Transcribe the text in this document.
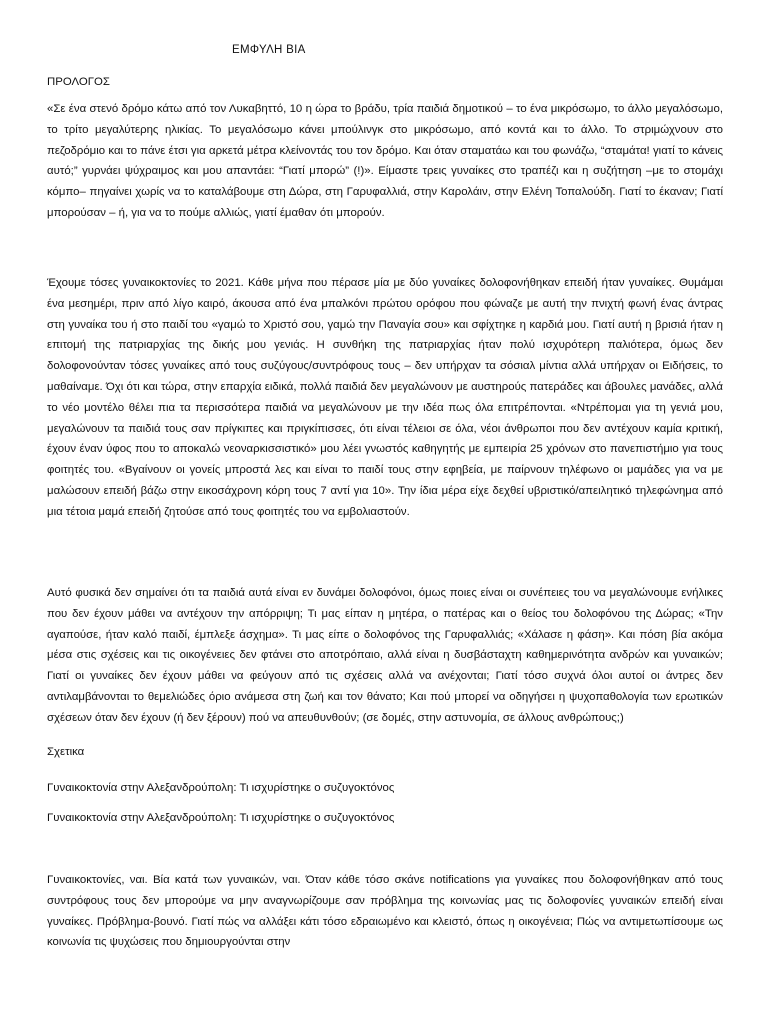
ΕΜΦΥΛΗ ΒΙΑ

ΠΡΟΛΟΓΟΣ

«Σε ένα στενό δρόμο κάτω από τον Λυκαβηττό, 10 η ώρα το βράδυ, τρία παιδιά δημοτικού – το ένα μικρόσωμο, το άλλο μεγαλόσωμο, το τρίτο μεγαλύτερης ηλικίας. Το μεγαλόσωμο κάνει μπούλινγκ στο μικρόσωμο, από κοντά και το άλλο. Το στριμώχνουν στο πεζοδρόμιο και το πάνε έτσι για αρκετά μέτρα κλείνοντάς του τον δρόμο. Και όταν σταματάω και του φωνάζω, “σταμάτα! γιατί το κάνεις αυτό;” γυρνάει ψύχραιμος και μου απαντάει: “Γιατί μπορώ” (!)». Είμαστε τρεις γυναίκες στο τραπέζι και η συζήτηση –με το στομάχι κόμπο– πηγαίνει χωρίς να το καταλάβουμε στη Δώρα, στη Γαρυφαλλιά, στην Καρολάιν, στην Ελένη Τοπαλούδη. Γιατί το έκαναν; Γιατί μπορούσαν – ή, για να το πούμε αλλιώς, γιατί έμαθαν ότι μπορούν.

Έχουμε τόσες γυναικοκτονίες το 2021. Κάθε μήνα που πέρασε μία με δύο γυναίκες δολοφονήθηκαν επειδή ήταν γυναίκες. Θυμάμαι ένα μεσημέρι, πριν από λίγο καιρό, άκουσα από ένα μπαλκόνι πρώτου ορόφου που φώναζε με αυτή την πνιχτή φωνή ένας άντρας στη γυναίκα του ή στο παιδί του «γαμώ το Χριστό σου, γαμώ την Παναγία σου» και σφίχτηκε η καρδιά μου. Γιατί αυτή η βρισιά ήταν η επιτομή της πατριαρχίας της δικής μου γενιάς. Η συνθήκη της πατριαρχίας ήταν πολύ ισχυρότερη παλιότερα, όμως δεν δολοφονούνταν τόσες γυναίκες από τους συζύγους/συντρόφους τους – δεν υπήρχαν τα σόσιαλ μίντια αλλά υπήρχαν οι Ειδήσεις, το μαθαίναμε. Όχι ότι και τώρα, στην επαρχία ειδικά, πολλά παιδιά δεν μεγαλώνουν με αυστηρούς πατεράδες και άβουλες μανάδες, αλλά το νέο μοντέλο θέλει πια τα περισσότερα παιδιά να μεγαλώνουν με την ιδέα πως όλα επιτρέπονται. «Ντρέπομαι για τη γενιά μου, μεγαλώνουν τα παιδιά τους σαν πρίγκιπες και πριγκίπισσες, ότι είναι τέλειοι σε όλα, νέοι άνθρωποι που δεν αντέχουν καμία κριτική, έχουν έναν ύφος που το αποκαλώ νεοναρκισσιστικό» μου λέει γνωστός καθηγητής με εμπειρία 25 χρόνων στο πανεπιστήμιο για τους φοιτητές του. «Βγαίνουν οι γονείς μπροστά λες και είναι το παιδί τους στην εφηβεία, με παίρνουν τηλέφωνο οι μαμάδες για να με μαλώσουν επειδή βάζω στην εικοσάχρονη κόρη τους 7 αντί για 10». Την ίδια μέρα είχε δεχθεί υβριστικό/απειλητικό τηλεφώνημα από μια τέτοια μαμά επειδή ζητούσε από τους φοιτητές του να εμβολιαστούν.

Αυτό φυσικά δεν σημαίνει ότι τα παιδιά αυτά είναι εν δυνάμει δολοφόνοι, όμως ποιες είναι οι συνέπειες του να μεγαλώνουμε ενήλικες που δεν έχουν μάθει να αντέχουν την απόρριψη; Τι μας είπαν η μητέρα, ο πατέρας και ο θείος του δολοφόνου της Δώρας; «Την αγαπούσε, ήταν καλό παιδί, έμπλεξε άσχημα». Τι μας είπε ο δολοφόνος της Γαρυφαλλιάς; «Χάλασε η φάση». Και πόση βία ακόμα μέσα στις σχέσεις και τις οικογένειες δεν φτάνει στο αποτρόπαιο, αλλά είναι η δυσβάσταχτη καθημερινότητα ανδρών και γυναικών; Γιατί οι γυναίκες δεν έχουν μάθει να φεύγουν από τις σχέσεις αλλά να ανέχονται; Γιατί τόσο συχνά όλοι αυτοί οι άντρες δεν αντιλαμβάνονται το θεμελιώδες όριο ανάμεσα στη ζωή και τον θάνατο; Και πού μπορεί να οδηγήσει η ψυχοπαθολογία των ερωτικών σχέσεων όταν δεν έχουν (ή δεν ξέρουν) πού να απευθυνθούν; (σε δομές, στην αστυνομία, σε άλλους ανθρώπους;)

Σχετικα

Γυναικοκτονία στην Αλεξανδρούπολη: Τι ισχυρίστηκε ο συζυγοκτόνος

Γυναικοκτονία στην Αλεξανδρούπολη: Τι ισχυρίστηκε ο συζυγοκτόνος

Γυναικοκτονίες, ναι. Βία κατά των γυναικών, ναι. Όταν κάθε τόσο σκάνε notifications για γυναίκες που δολοφονήθηκαν από τους συντρόφους τους δεν μπορούμε να μην αναγνωρίζουμε σαν πρόβλημα της κοινωνίας μας τις δολοφονίες γυναικών επειδή είναι γυναίκες. Πρόβλημα-βουνό. Γιατί πώς να αλλάξει κάτι τόσο εδραιωμένο και κλειστό, όπως η οικογένεια; Πώς να αντιμετωπίσουμε ως κοινωνία τις ψυχώσεις που δημιουργούνται στην
